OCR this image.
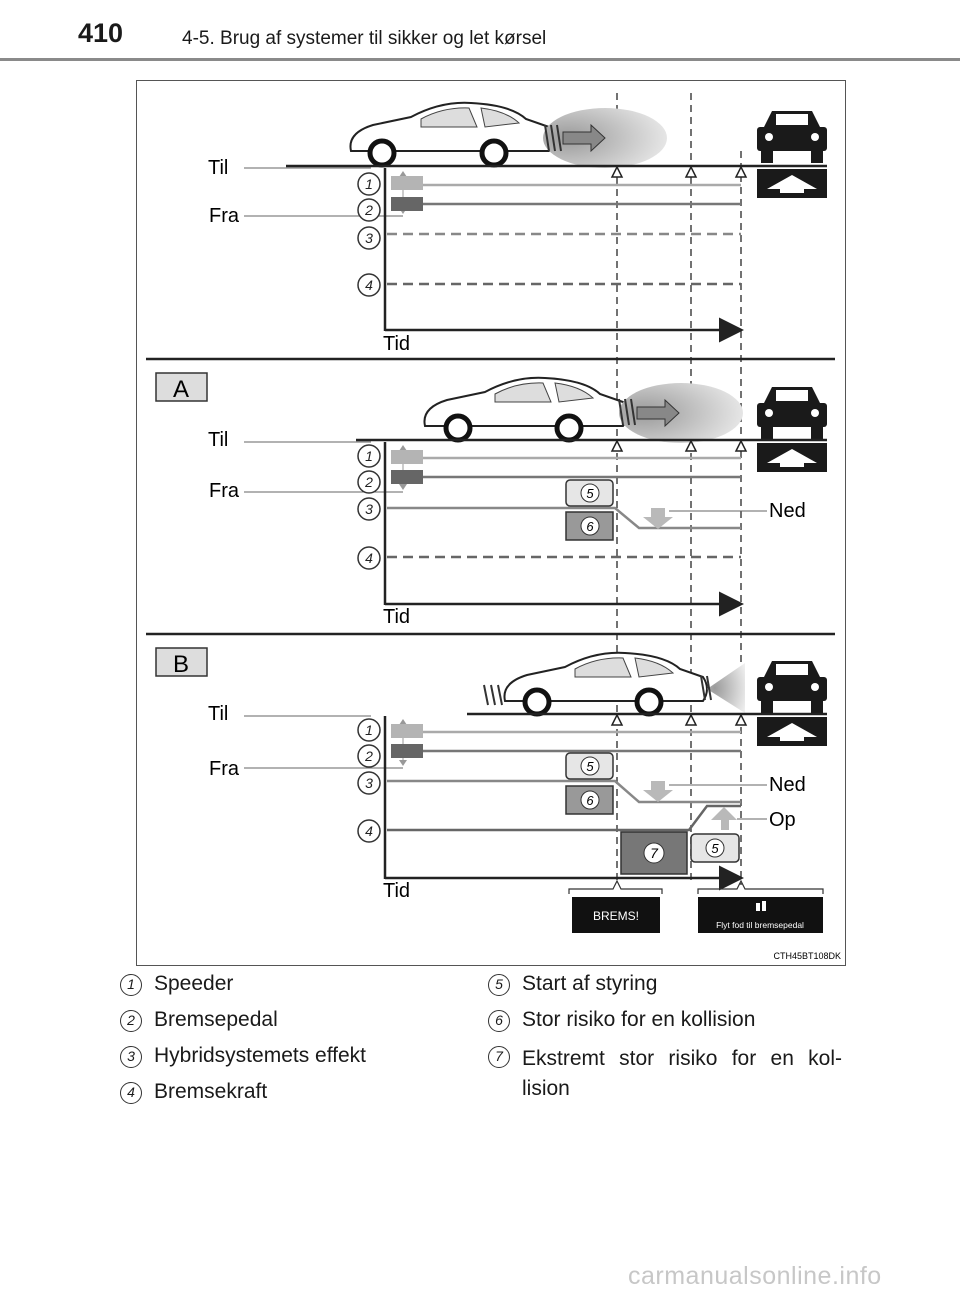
410	4-5. Brug af systemer til sikker og let kørsel
1
2
3
4
Til
Fra
Tid
A
5
6
Ned
1
2
3
4
Til
Fra
Tid
B
5
6
7	5
Ned
Op
1
2
3
4
Til
Fra
Tid
BREMS!
Flyt fod til bremsepedal
CTH45BT108DK
1 Speeder
2 Bremsepedal
3 Hybridsystemets effekt
4 Bremsekraft
5 Start af styring
6 Stor risiko for en kollision
7 Ekstremt stor risiko for en kol-lision
carmanualsonline.info
